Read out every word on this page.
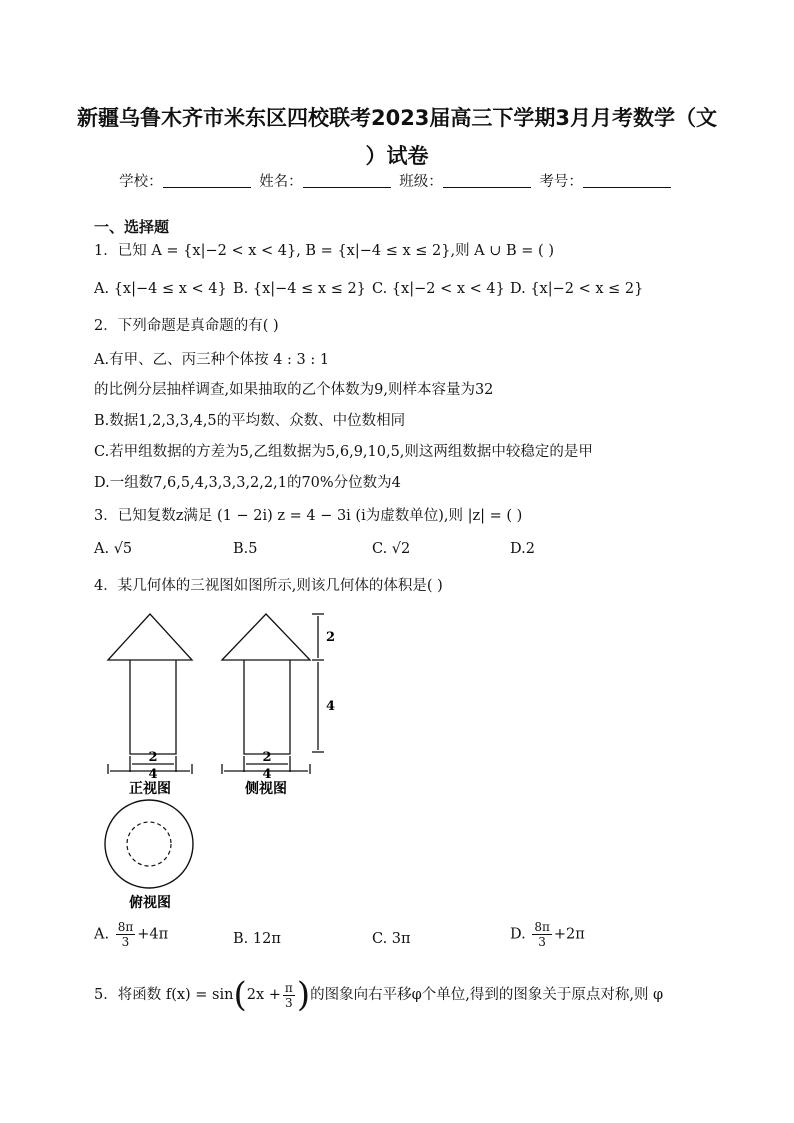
新疆乌鲁木齐市米东区四校联考2023届高三下学期3月月考数学（文
）试卷
学校：	姓名：	班级：	考号：
一、选择题
1．已知 A = {x|−2 < x < 4}, B = {x|−4 ≤ x ≤ 2},则 A ∪ B = ( )
A. {x|−4 ≤ x < 4} B. {x|−4 ≤ x ≤ 2} C. {x|−2 < x < 4} D. {x|−2 < x ≤ 2}
2．下列命题是真命题的有( )
A.有甲、乙、丙三种个体按 4 : 3 : 1
的比例分层抽样调查,如果抽取的乙个体数为9,则样本容量为32
B.数据1,2,3,3,4,5的平均数、众数、中位数相同
C.若甲组数据的方差为5,乙组数据为5,6,9,10,5,则这两组数据中较稳定的是甲
D.一组数7,6,5,4,3,3,3,2,2,1的70%分位数为4
3．已知复数z满足 (1 − 2i) z = 4 − 3i (i为虚数单位),则 |z| = ( )
A. √5	B.5	C. √2	D.2
4．某几何体的三视图如图所示,则该几何体的体积是( )
2
4
正视图
2
4
2
4
侧视图
俯视图
A. $\frac{8\pi}{3} +4\pi$	B. 12π	C. 3π	D. $\frac{8\pi}{3} +2\pi$
5．将函数 $f(x) = \sin(2x + \frac{\pi}{3}$ )的图象向右平移φ个单位,得到的图象关于原点对称,则 φ
